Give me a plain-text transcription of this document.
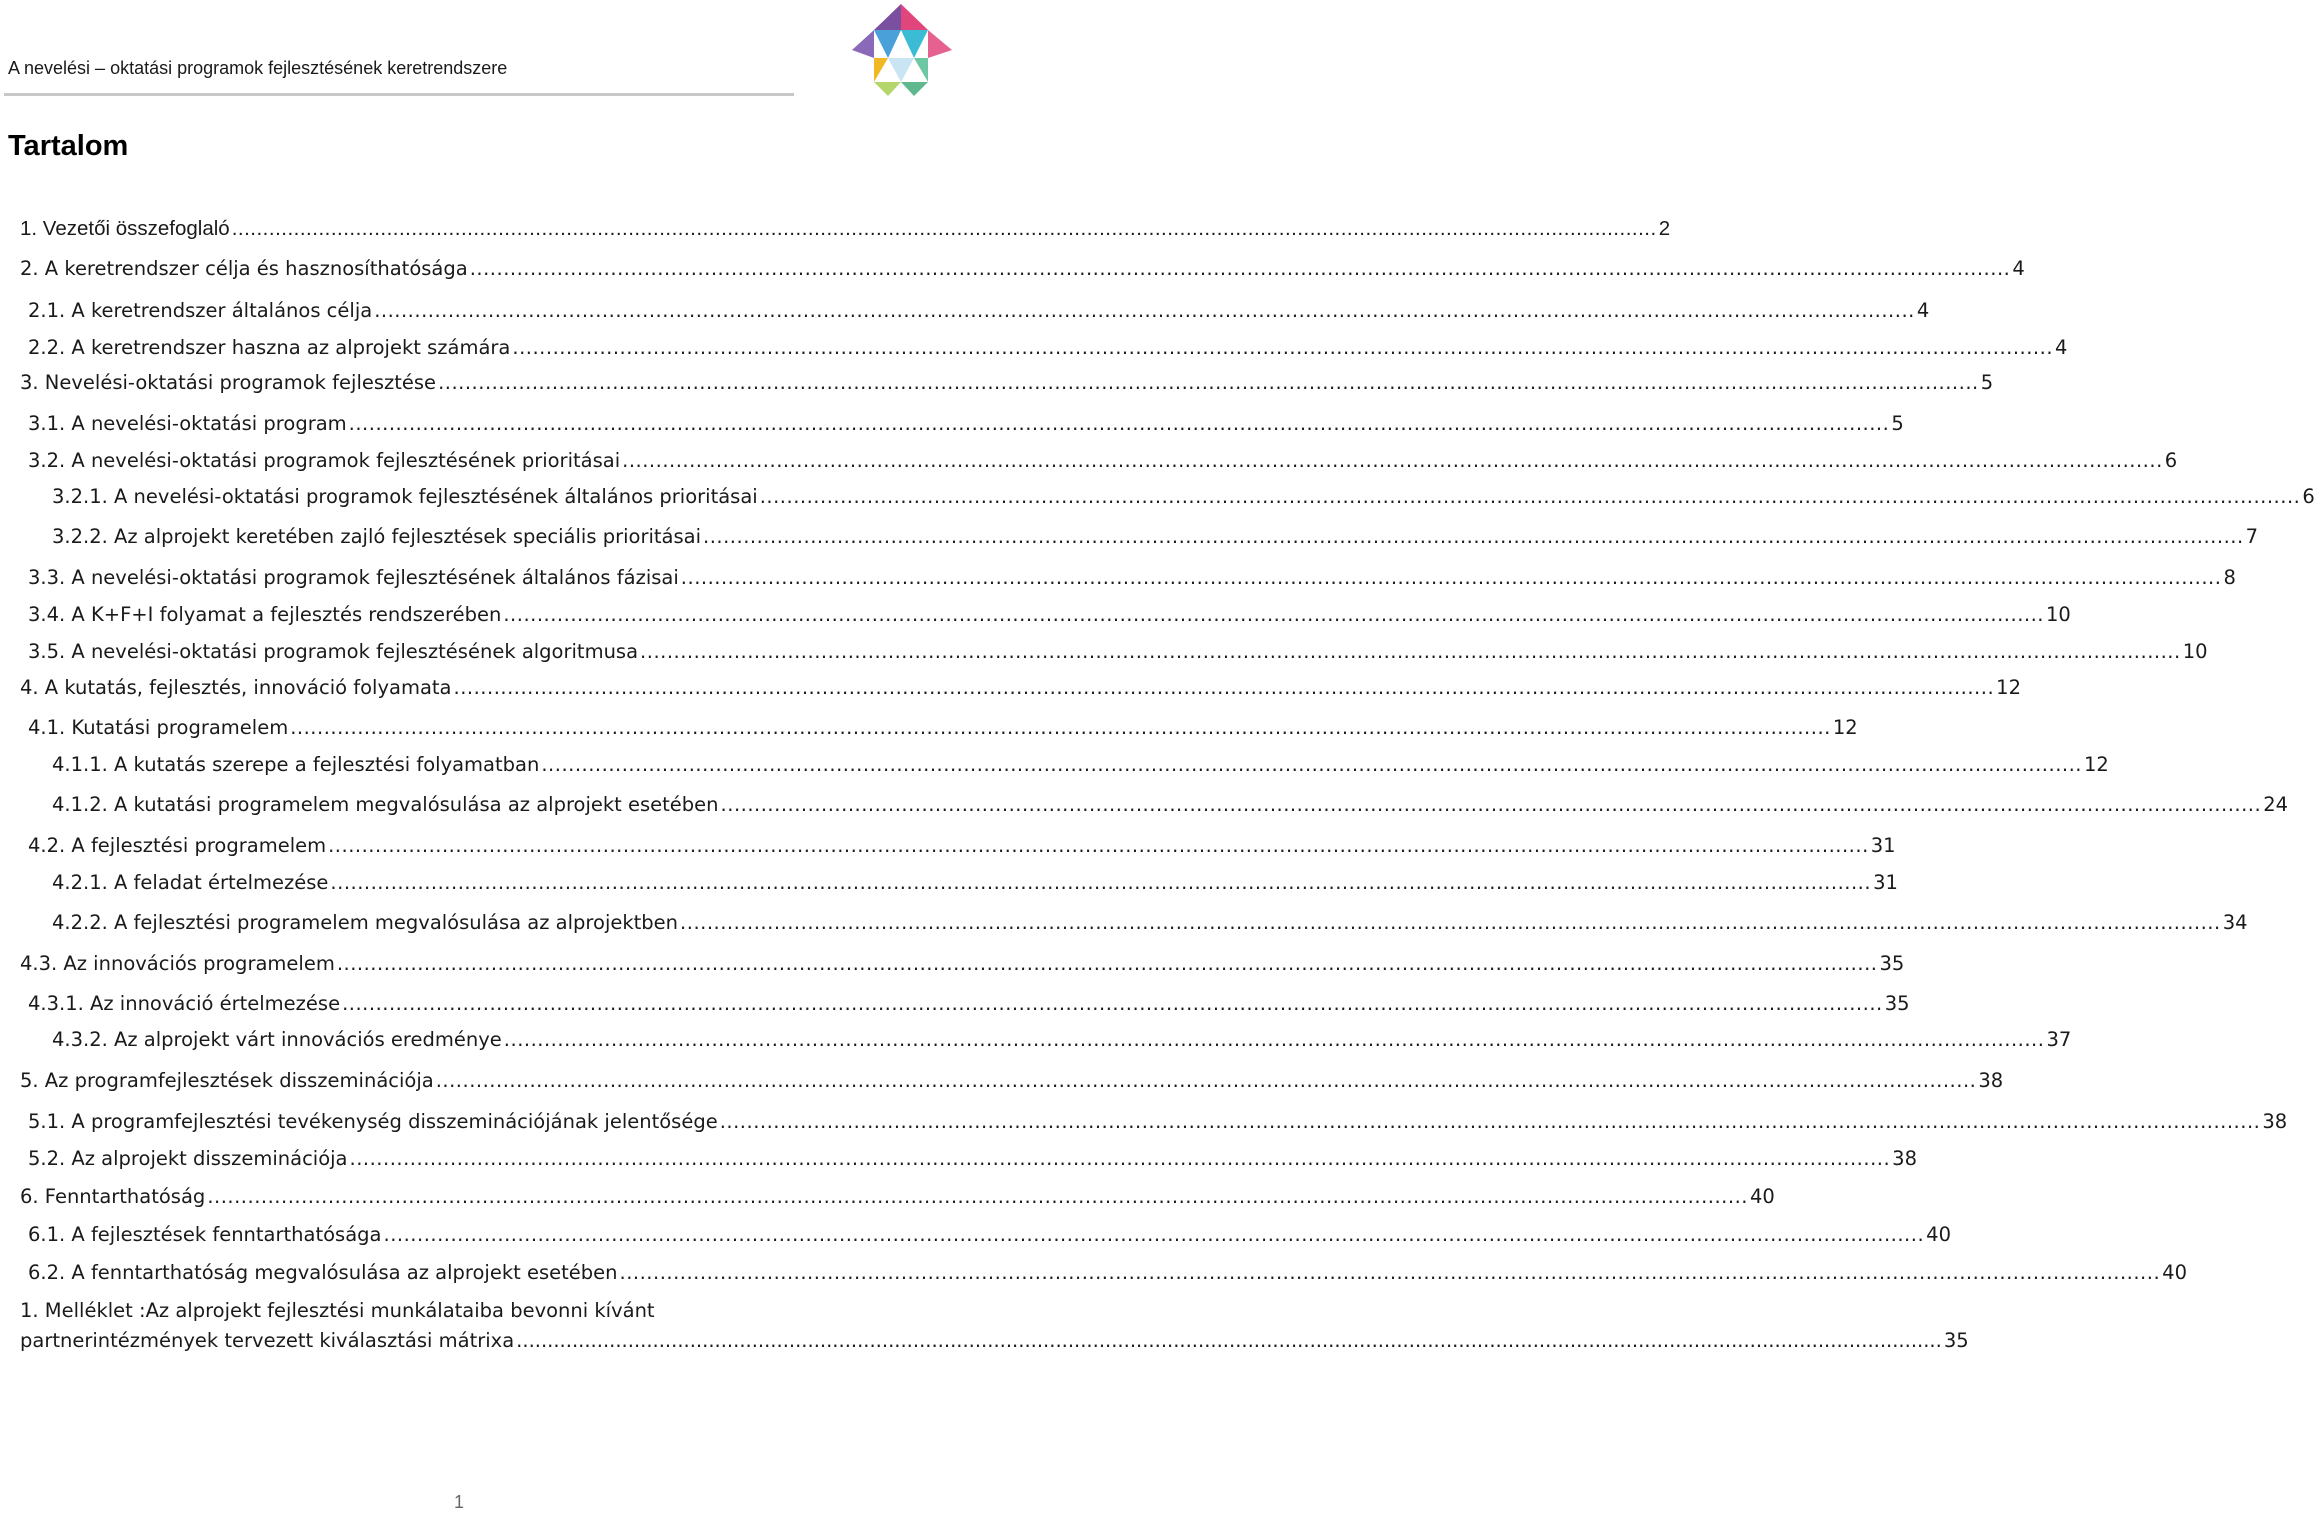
A nevelési – oktatási programok fejlesztésének keretrendszere
Tartalom
1. Vezetői összefoglaló ...................................................................................................................................................................................................................................... 2
2. A keretrendszer célja és hasznosíthatósága ...................................................................................................................................................................................................................................... 4
2.1. A keretrendszer általános célja ...................................................................................................................................................................................................................................... 4
2.2. A keretrendszer haszna az alprojekt számára ...................................................................................................................................................................................................................................... 4
3. Nevelési-oktatási programok fejlesztése ...................................................................................................................................................................................................................................... 5
3.1. A nevelési-oktatási program ...................................................................................................................................................................................................................................... 5
3.2. A nevelési-oktatási programok fejlesztésének prioritásai ...................................................................................................................................................................................................................................... 6
3.2.1. A nevelési-oktatási programok fejlesztésének általános prioritásai ...................................................................................................................................................................................................................................... 6
3.2.2. Az alprojekt keretében zajló fejlesztések speciális prioritásai ...................................................................................................................................................................................................................................... 7
3.3. A nevelési-oktatási programok fejlesztésének általános fázisai ...................................................................................................................................................................................................................................... 8
3.4. A K+F+I folyamat a fejlesztés rendszerében ...................................................................................................................................................................................................................................... 10
3.5. A nevelési-oktatási programok fejlesztésének algoritmusa ...................................................................................................................................................................................................................................... 10
4. A kutatás, fejlesztés, innováció folyamata ...................................................................................................................................................................................................................................... 12
4.1. Kutatási programelem ...................................................................................................................................................................................................................................... 12
4.1.1. A kutatás szerepe a fejlesztési folyamatban ...................................................................................................................................................................................................................................... 12
4.1.2. A kutatási programelem megvalósulása az alprojekt esetében ...................................................................................................................................................................................................................................... 24
4.2. A fejlesztési programelem ...................................................................................................................................................................................................................................... 31
4.2.1. A feladat értelmezése ...................................................................................................................................................................................................................................... 31
4.2.2. A fejlesztési programelem megvalósulása az alprojektben ...................................................................................................................................................................................................................................... 34
4.3. Az innovációs programelem ...................................................................................................................................................................................................................................... 35
4.3.1. Az innováció értelmezése ...................................................................................................................................................................................................................................... 35
4.3.2. Az alprojekt várt innovációs eredménye ...................................................................................................................................................................................................................................... 37
5. Az programfejlesztések disszeminációja ...................................................................................................................................................................................................................................... 38
5.1. A programfejlesztési tevékenység disszeminációjának jelentősége ...................................................................................................................................................................................................................................... 38
5.2. Az alprojekt disszeminációja ...................................................................................................................................................................................................................................... 38
6. Fenntarthatóság ...................................................................................................................................................................................................................................... 40
6.1. A fejlesztések fenntarthatósága ...................................................................................................................................................................................................................................... 40
6.2. A fenntarthatóság megvalósulása az alprojekt esetében ...................................................................................................................................................................................................................................... 40
1. Melléklet :Az alprojekt fejlesztési munkálataiba bevonni kívánt
partnerintézmények tervezett kiválasztási mátrixa ...................................................................................................................................................................................................................................... 35
1
